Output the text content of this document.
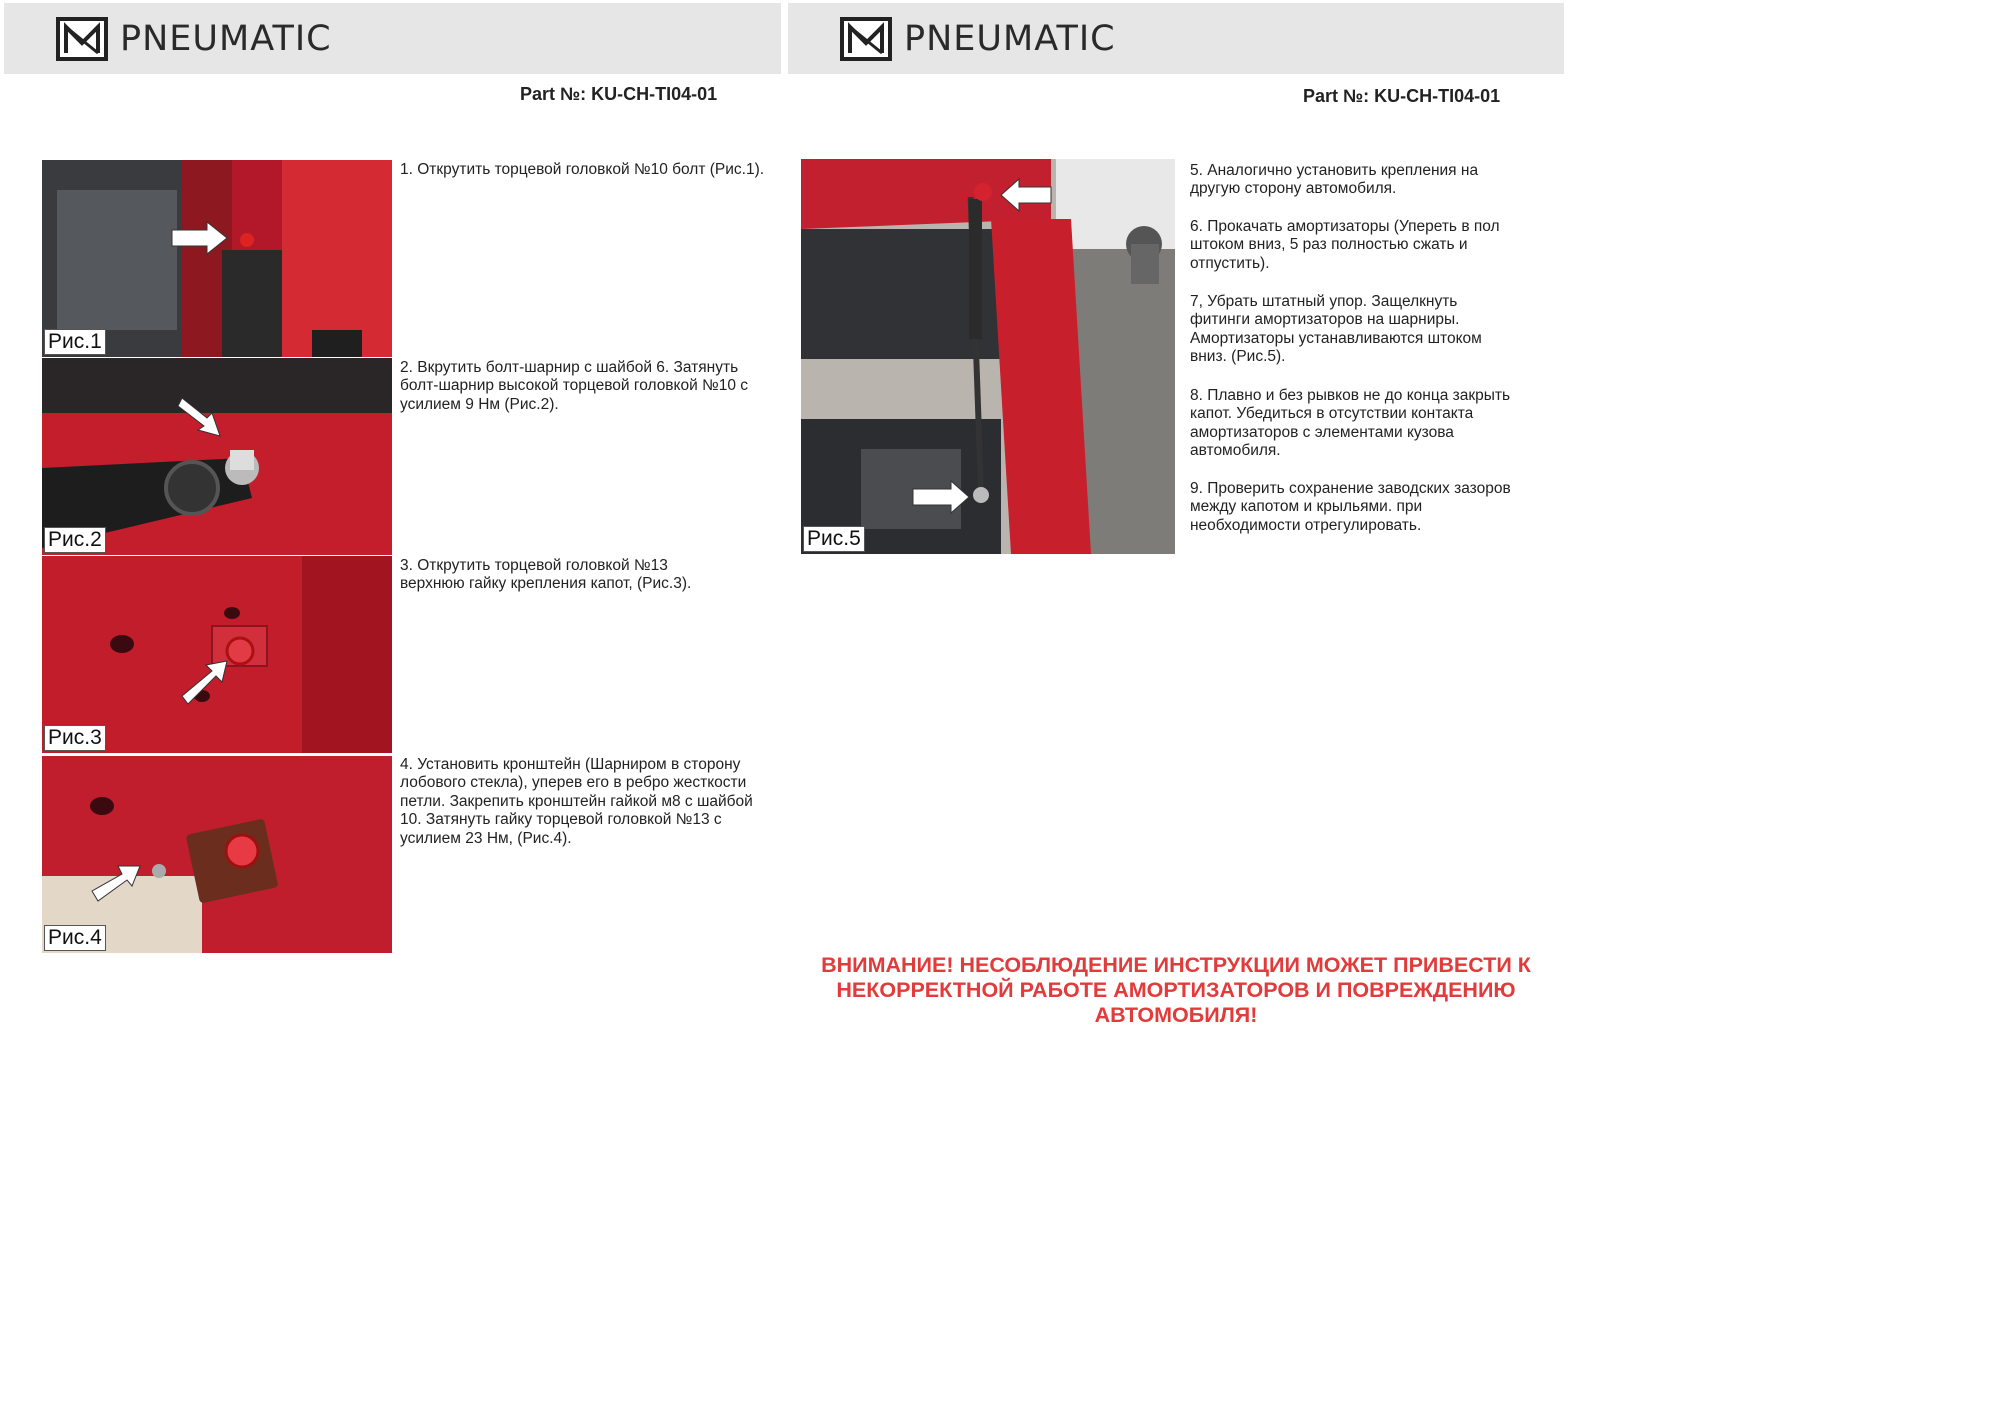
PNEUMATIC	PNEUMATIC
Part №: KU-CH-TI04-01	Part №: KU-CH-TI04-01
Рис.1
Рис.2
Рис.3
Рис.4
Рис.5
1. Открутить торцевой головкой №10 болт (Рис.1).
2. Вкрутить болт-шарнир с шайбой 6. Затянуть болт-шарнир высокой торцевой головкой №10 с усилием 9 Нм (Рис.2).
3. Открутить торцевой головкой №13 верхнюю гайку крепления капот, (Рис.3).
4. Установить кронштейн (Шарниром в сторону лобового стекла), уперев его в ребро жесткости петли. Закрепить кронштейн гайкой м8 с шайбой 10. Затянуть гайку торцевой головкой №13 с усилием 23 Нм, (Рис.4).
5. Аналогично установить крепления на другую сторону автомобиля.
6. Прокачать амортизаторы (Упереть в пол штоком вниз, 5 раз полностью сжать и отпустить).
7, Убрать штатный упор. Защелкнуть фитинги амортизаторов на шарниры. Амортизаторы устанавливаются штоком вниз. (Рис.5).
8. Плавно и без рывков не до конца закрыть капот. Убедиться в отсутствии контакта амортизаторов с элементами кузова автомобиля.
9. Проверить сохранение заводских зазоров между капотом и крыльями. при необходимости отрегулировать.
ВНИМАНИЕ! НЕСОБЛЮДЕНИЕ ИНСТРУКЦИИ МОЖЕТ ПРИВЕСТИ К НЕКОРРЕКТНОЙ РАБОТЕ АМОРТИЗАТОРОВ И ПОВРЕЖДЕНИЮ АВТОМОБИЛЯ!
